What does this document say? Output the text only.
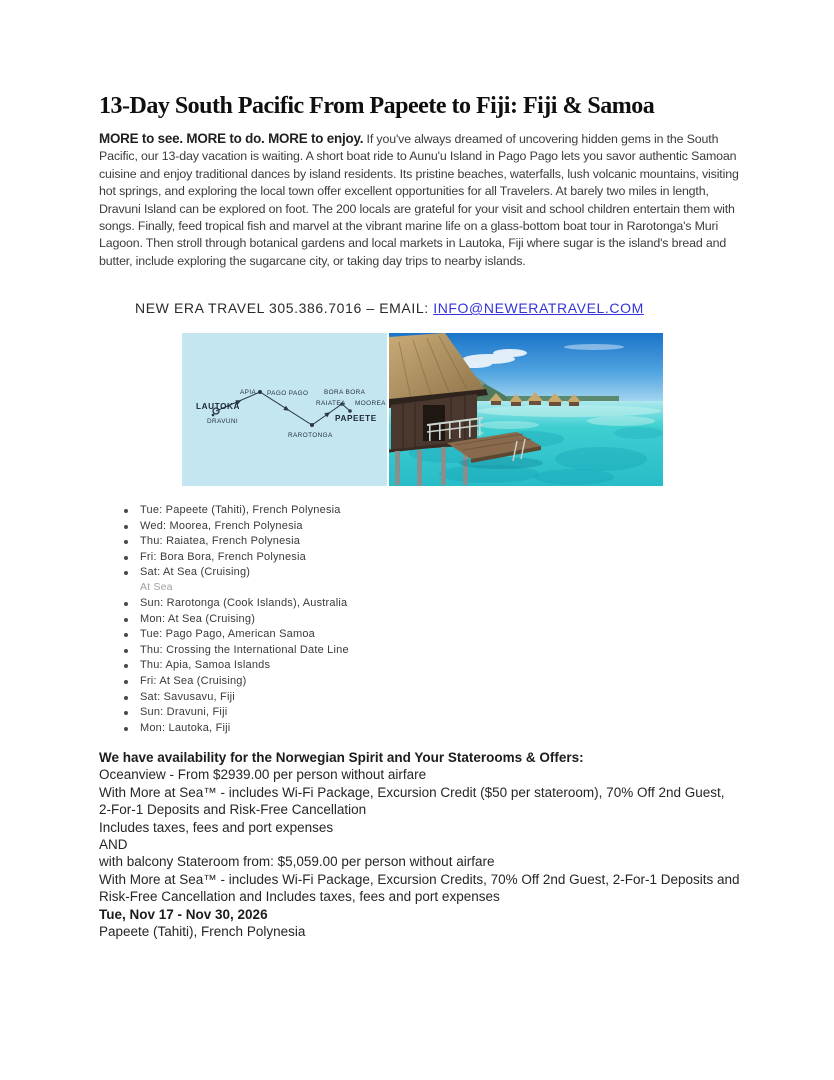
13-Day South Pacific From Papeete to Fiji: Fiji & Samoa

MORE to see. MORE to do. MORE to enjoy. If you've always dreamed of uncovering hidden gems in the South Pacific, our 13-day vacation is waiting. A short boat ride to Aunu'u Island in Pago Pago lets you savor authentic Samoan cuisine and enjoy traditional dances by island residents. Its pristine beaches, waterfalls, lush volcanic mountains, visiting hot springs, and exploring the local town offer excellent opportunities for all Travelers. At barely two miles in length, Dravuni Island can be explored on foot. The 200 locals are grateful for your visit and school children entertain them with songs. Finally, feed tropical fish and marvel at the vibrant marine life on a glass-bottom boat tour in Rarotonga's Muri Lagoon. Then stroll through botanical gardens and local markets in Lautoka, Fiji where sugar is the island's bread and butter, include exploring the sugarcane city, or taking day trips to nearby islands.

NEW ERA TRAVEL 305.386.7016 – EMAIL: INFO@NEWERATRAVEL.COM
LAUTOKA
DRAVUNI
APIA PAGO PAGO
RAROTONGA
RAIATEA
BORA BORA
MOOREA
PAPEETE
Tue: Papeete (Tahiti), French Polynesia
Wed: Moorea, French Polynesia
Thu: Raiatea, French Polynesia
Fri: Bora Bora, French Polynesia
Sat: At Sea (Cruising)
At Sea
Sun: Rarotonga (Cook Islands), Australia
Mon: At Sea (Cruising)
Tue: Pago Pago, American Samoa
Thu: Crossing the International Date Line
Thu: Apia, Samoa Islands
Fri: At Sea (Cruising)
Sat: Savusavu, Fiji
Sun: Dravuni, Fiji
Mon: Lautoka, Fiji
We have availability for the Norwegian Spirit and Your Staterooms & Offers:
Oceanview - From $2939.00 per person without airfare
With More at Sea™ - includes Wi-Fi Package, Excursion Credit ($50 per stateroom), 70% Off 2nd Guest,
2-For-1 Deposits and Risk-Free Cancellation
Includes taxes, fees and port expenses
AND
with balcony Stateroom from: $5,059.00 per person without airfare
With More at Sea™ - includes Wi-Fi Package, Excursion Credits, 70% Off 2nd Guest, 2-For-1 Deposits and
Risk-Free Cancellation and Includes taxes, fees and port expenses
Tue, Nov 17 - Nov 30, 2026
Papeete (Tahiti), French Polynesia
